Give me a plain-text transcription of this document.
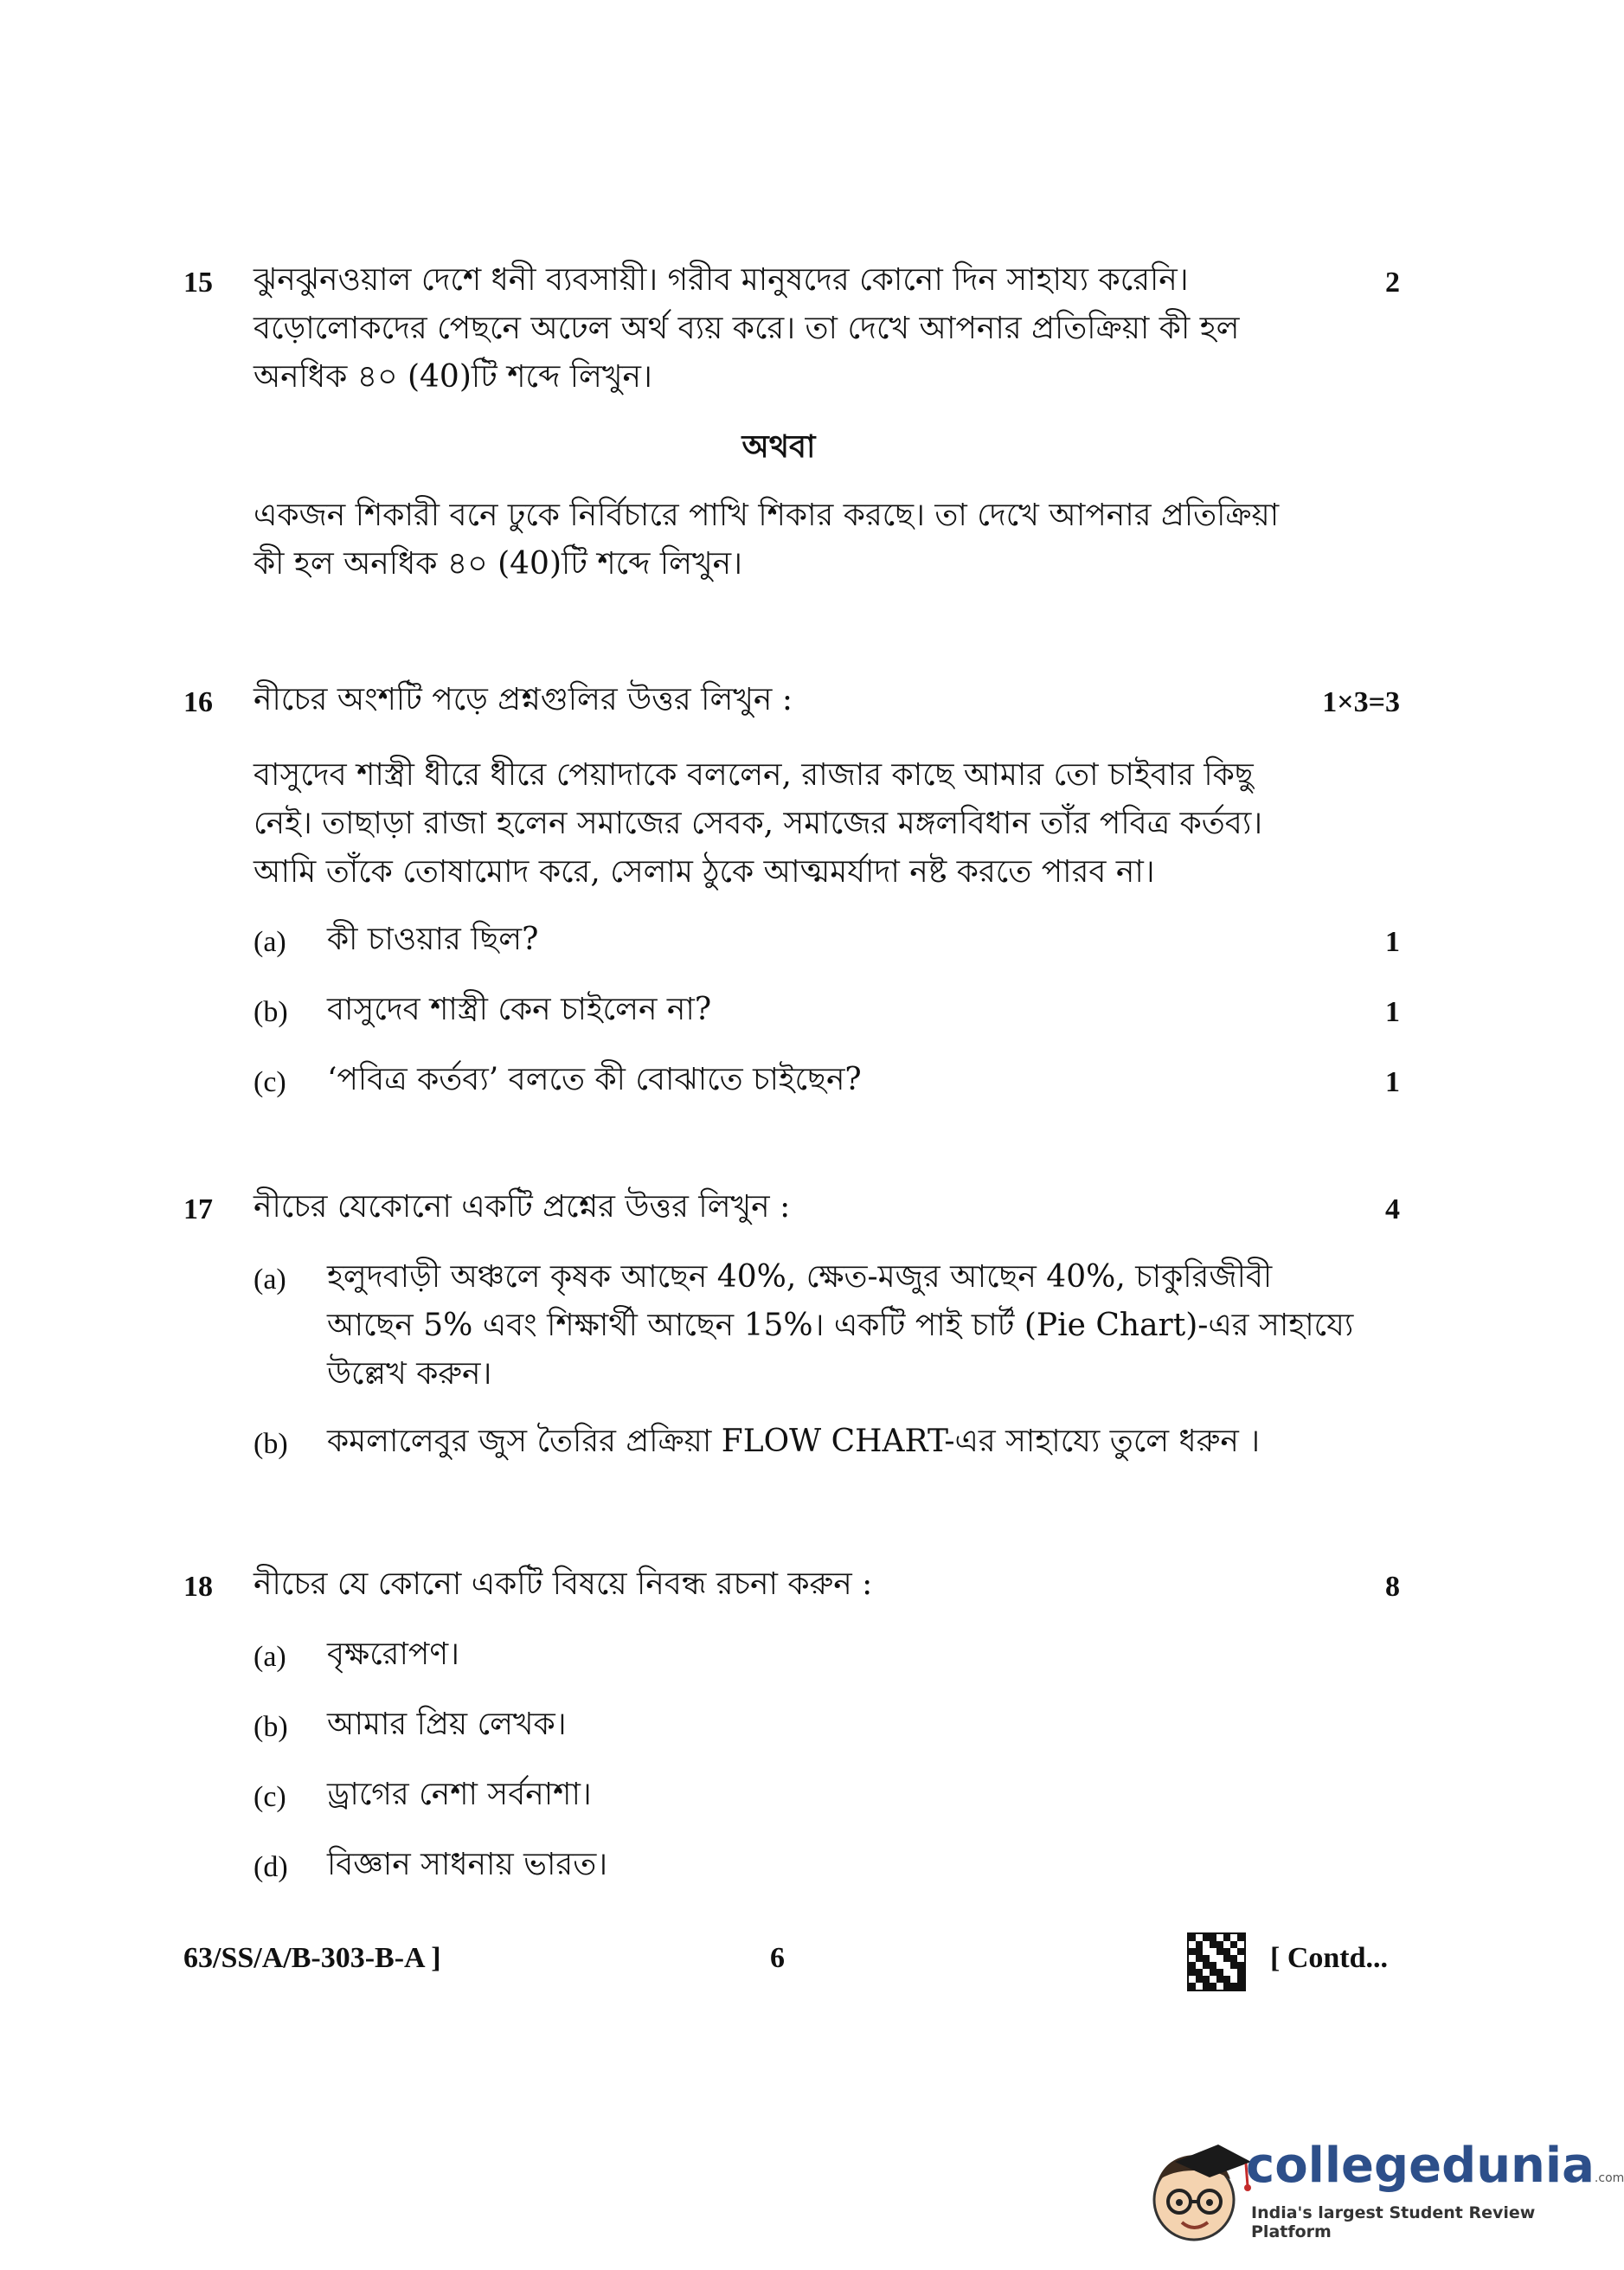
15	2
ঝুনঝুনওয়াল দেশে ধনী ব্যবসায়ী। গরীব মানুষদের কোনো দিন সাহায্য করেনি।
বড়োলোকদের পেছনে অঢেল অর্থ ব্যয় করে। তা দেখে আপনার প্রতিক্রিয়া কী হল
অনধিক ৪০ (40)টি শব্দে লিখুন।
অথবা
একজন শিকারী বনে ঢুকে নির্বিচারে পাখি শিকার করছে। তা দেখে আপনার প্রতিক্রিয়া
কী হল অনধিক ৪০ (40)টি শব্দে লিখুন।
16	1×3=3
নীচের অংশটি পড়ে প্রশ্নগুলির উত্তর লিখুন :
বাসুদেব শাস্ত্রী ধীরে ধীরে পেয়াদাকে বললেন, রাজার কাছে আমার তো চাইবার কিছু
নেই। তাছাড়া রাজা হলেন সমাজের সেবক, সমাজের মঙ্গলবিধান তাঁর পবিত্র কর্তব্য।
আমি তাঁকে তোষামোদ করে, সেলাম ঠুকে আত্মমর্যাদা নষ্ট করতে পারব না।
(a) কী চাওয়ার ছিল?	1
(b) বাসুদেব শাস্ত্রী কেন চাইলেন না?	1
(c) ‘পবিত্র কর্তব্য’ বলতে কী বোঝাতে চাইছেন?	1
17	4
নীচের যেকোনো একটি প্রশ্নের উত্তর লিখুন :
(a) হলুদবাড়ী অঞ্চলে কৃষক আছেন 40%, ক্ষেত-মজুর আছেন 40%, চাকুরিজীবী
আছেন 5% এবং শিক্ষার্থী আছেন 15%। একটি পাই চার্ট (Pie Chart)-এর সাহায্যে
উল্লেখ করুন।
(b) কমলালেবুর জুস তৈরির প্রক্রিয়া FLOW CHART-এর সাহায্যে তুলে ধরুন ।
18	8
নীচের যে কোনো একটি বিষয়ে নিবন্ধ রচনা করুন :
(a) বৃক্ষরোপণ।
(b) আমার প্রিয় লেখক।
(c) ড্রাগের নেশা সর্বনাশা।
(d) বিজ্ঞান সাধনায় ভারত।
63/SS/A/B-303-B-A ]	6	[ Contd...
collegedunia.com
India's largest Student Review Platform
